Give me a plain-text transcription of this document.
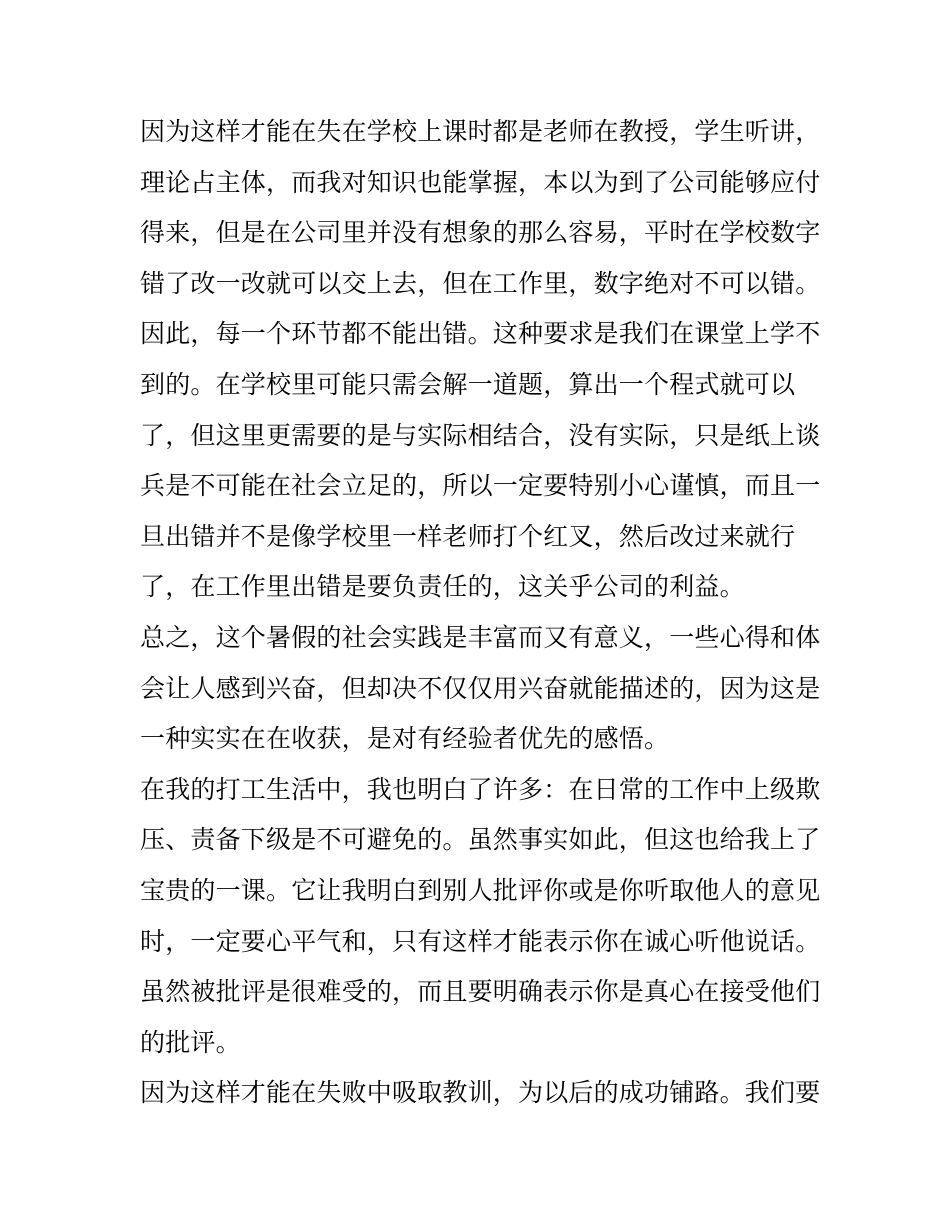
因为这样才能在失在学校上课时都是老师在教授，学生听讲，
理论占主体，而我对知识也能掌握，本以为到了公司能够应付
得来，但是在公司里并没有想象的那么容易，平时在学校数字
错了改一改就可以交上去，但在工作里，数字绝对不可以错。
因此，每一个环节都不能出错。这种要求是我们在课堂上学不
到的。在学校里可能只需会解一道题，算出一个程式就可以
了，但这里更需要的是与实际相结合，没有实际，只是纸上谈
兵是不可能在社会立足的，所以一定要特别小心谨慎，而且一
旦出错并不是像学校里一样老师打个红叉，然后改过来就行
了，在工作里出错是要负责任的，这关乎公司的利益。
总之，这个暑假的社会实践是丰富而又有意义，一些心得和体
会让人感到兴奋，但却决不仅仅用兴奋就能描述的，因为这是
一种实实在在收获，是对有经验者优先的感悟。
在我的打工生活中，我也明白了许多：在日常的工作中上级欺
压、责备下级是不可避免的。虽然事实如此，但这也给我上了
宝贵的一课。它让我明白到别人批评你或是你听取他人的意见
时，一定要心平气和，只有这样才能表示你在诚心听他说话。
虽然被批评是很难受的，而且要明确表示你是真心在接受他们
的批评。
因为这样才能在失败中吸取教训，为以后的成功铺路。我们要
